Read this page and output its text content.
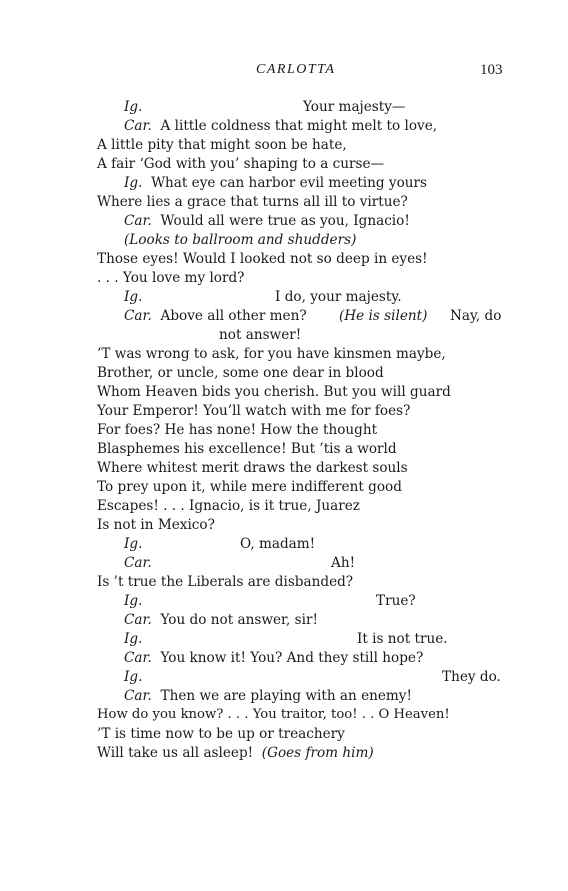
CARLOTTA	103
Ig.	Your majesty—
Car. A little coldness that might melt to love,
A little pity that might soon be hate,
A fair ‘God with you’ shaping to a curse—
Ig. What eye can harbor evil meeting yours
Where lies a grace that turns all ill to virtue?
Car. Would all were true as you, Ignacio!
(Looks to ballroom and shudders)
Those eyes! Would I looked not so deep in eyes!
. . . You love my lord?
Ig.	I do, your majesty.
Car. Above all other men? (He is silent) Nay, do
not answer!
’T was wrong to ask, for you have kinsmen maybe,
Brother, or uncle, some one dear in blood
Whom Heaven bids you cherish. But you will guard
Your Emperor! You’ll watch with me for foes?
For foes? He has none! How the thought
Blasphemes his excellence! But ’tis a world
Where whitest merit draws the darkest souls
To prey upon it, while mere indifferent good
Escapes! . . . Ignacio, is it true, Juarez
Is not in Mexico?
Ig.	O, madam!
Car.	Ah!
Is ’t true the Liberals are disbanded?
Ig.	True?
Car. You do not answer, sir!
Ig.	It is not true.
Car. You know it! You? And they still hope?
Ig.	They do.
Car. Then we are playing with an enemy!
How do you know? . . . You traitor, too! . . O Heaven!
’T is time now to be up or treachery
Will take us all asleep! (Goes from him)
